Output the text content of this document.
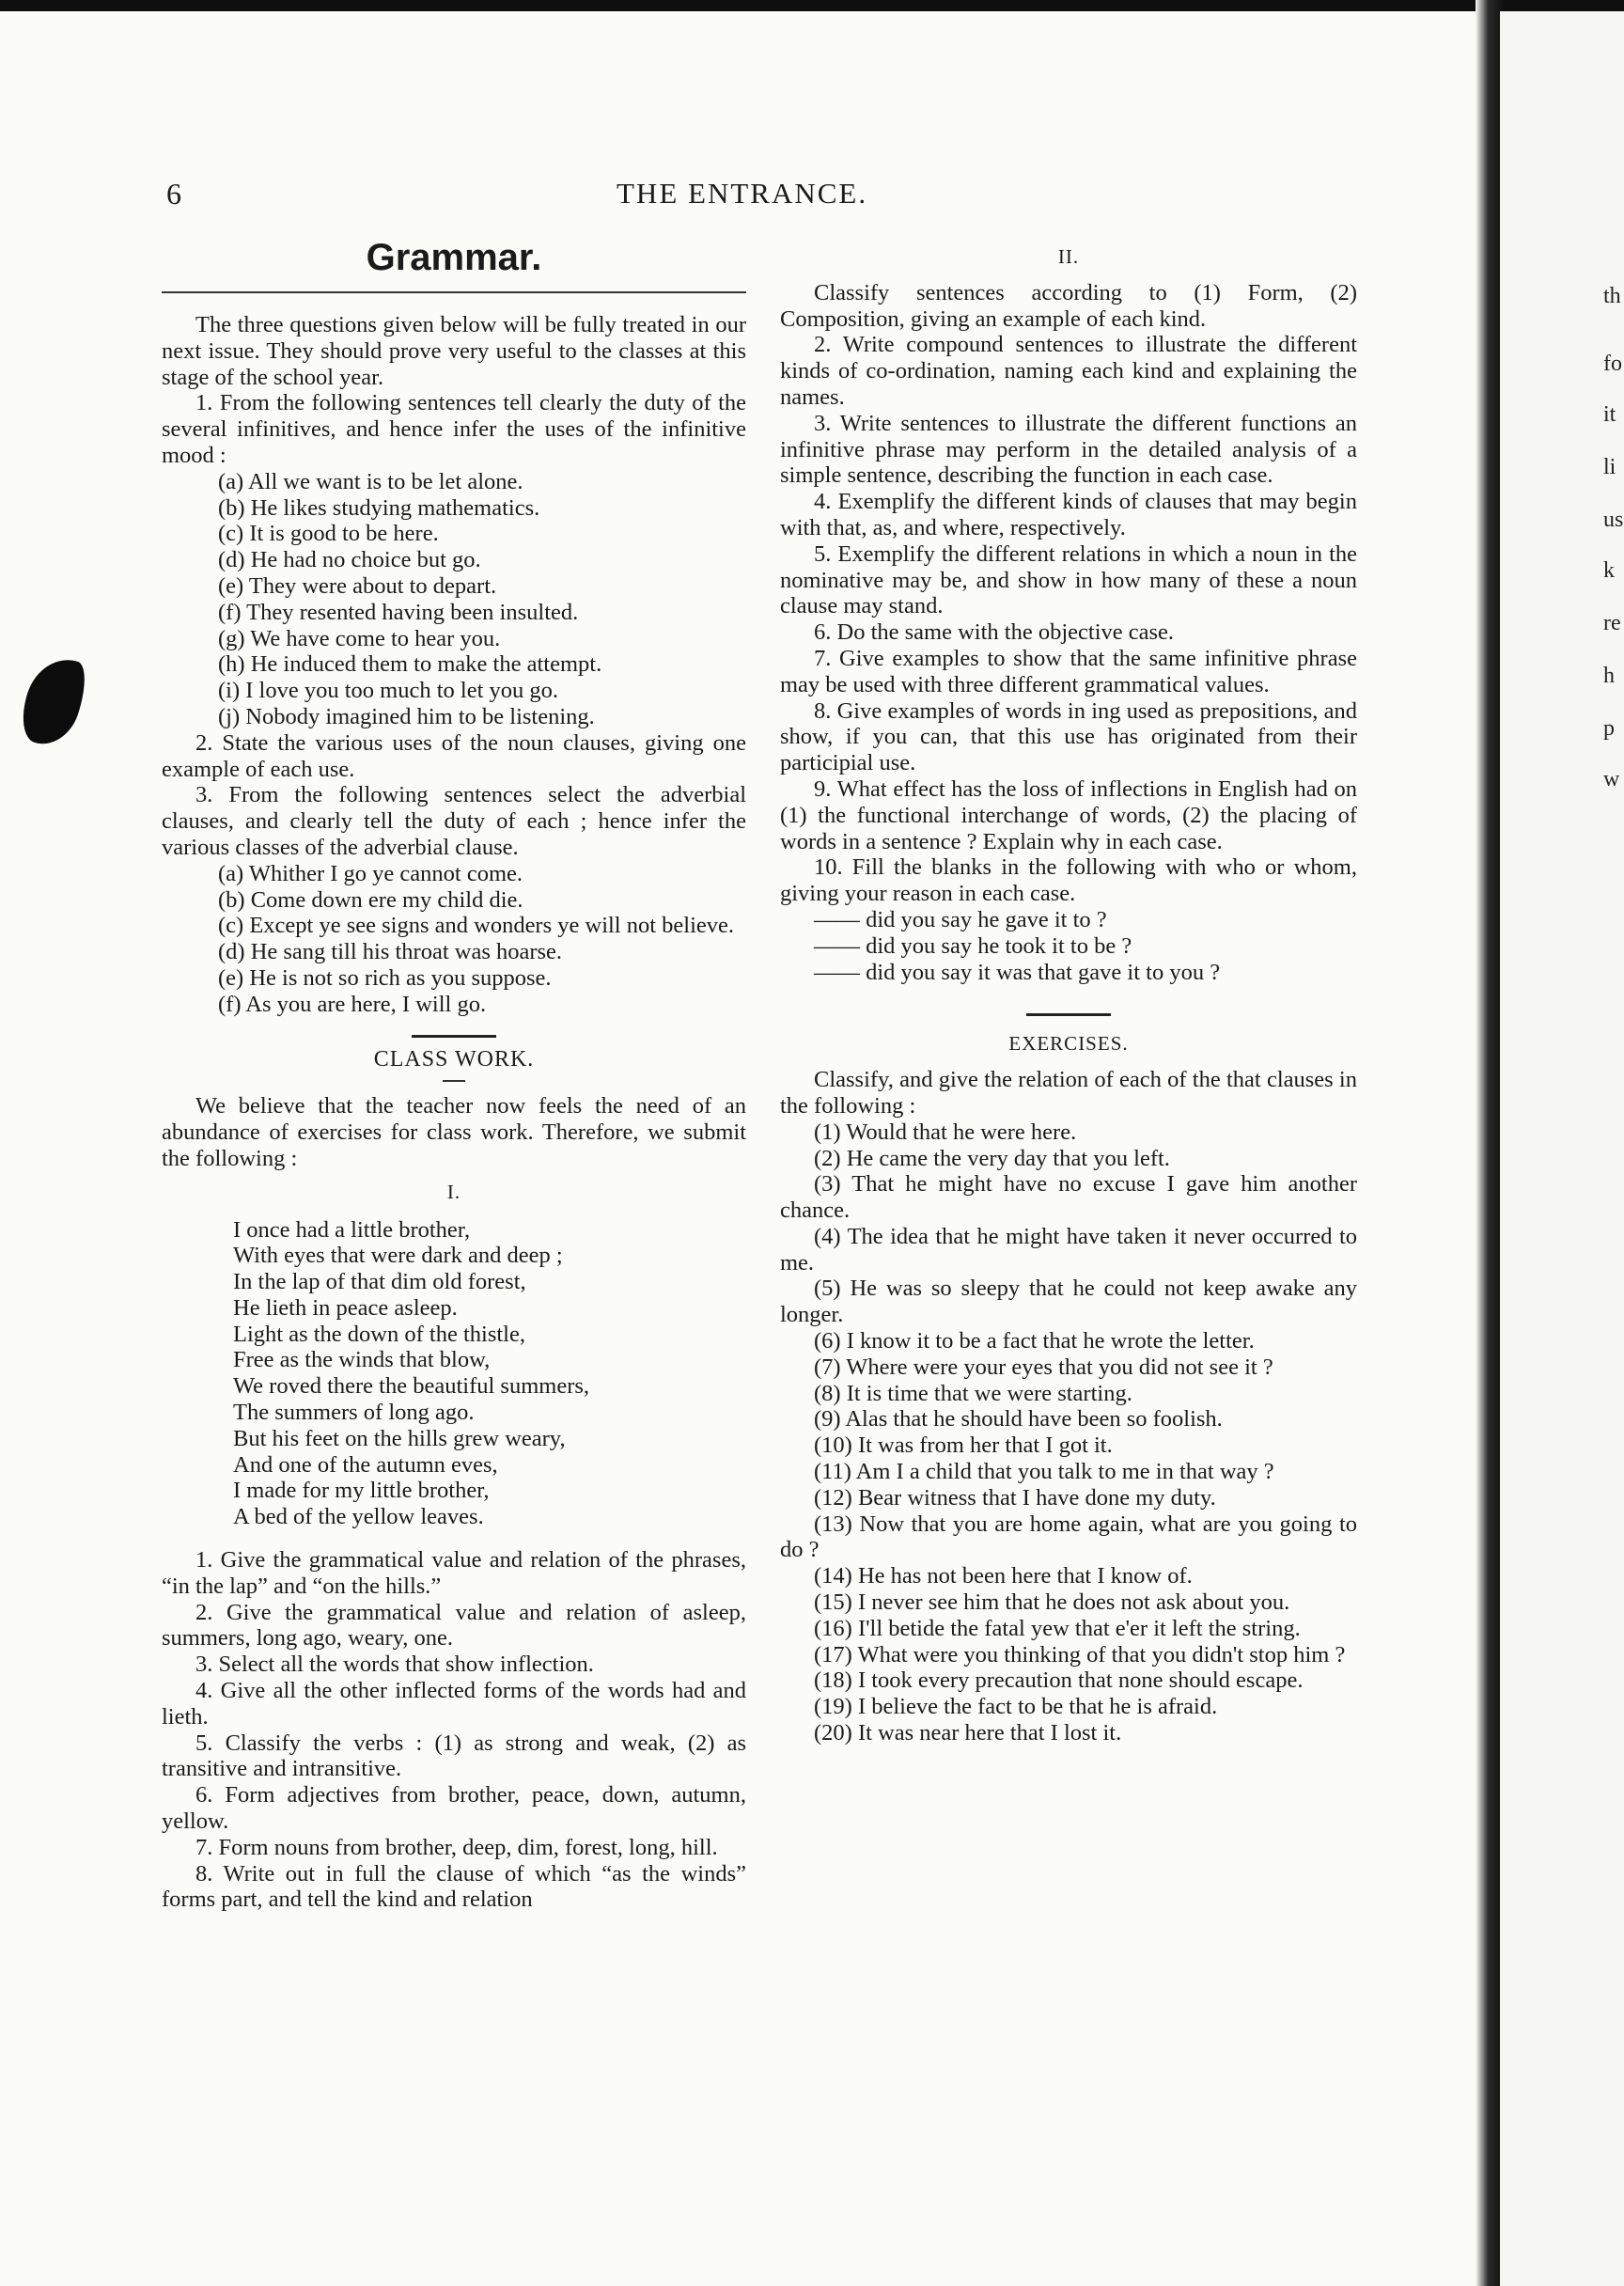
6	THE ENTRANCE.
Grammar.

The three questions given below will be fully treated in our next issue. They should prove very useful to the classes at this stage of the school year.

1. From the following sentences tell clearly the duty of the several infinitives, and hence infer the uses of the infinitive mood :

(a) All we want is to be let alone.

(b) He likes studying mathematics.

(c) It is good to be here.

(d) He had no choice but go.

(e) They were about to depart.

(f) They resented having been insulted.

(g) We have come to hear you.

(h) He induced them to make the attempt.

(i) I love you too much to let you go.

(j) Nobody imagined him to be listening.

2. State the various uses of the noun clauses, giving one example of each use.

3. From the following sentences select the adverbial clauses, and clearly tell the duty of each ; hence infer the various classes of the adverbial clause.

(a) Whither I go ye cannot come.

(b) Come down ere my child die.

(c) Except ye see signs and wonders ye will not believe.

(d) He sang till his throat was hoarse.

(e) He is not so rich as you suppose.

(f) As you are here, I will go.

CLASS WORK.

We believe that the teacher now feels the need of an abundance of exercises for class work. Therefore, we submit the following :

I.

I once had a little brother,

With eyes that were dark and deep ;

In the lap of that dim old forest,

He lieth in peace asleep.

Light as the down of the thistle,

Free as the winds that blow,

We roved there the beautiful summers,

The summers of long ago.

But his feet on the hills grew weary,

And one of the autumn eves,

I made for my little brother,

A bed of the yellow leaves.

1. Give the grammatical value and relation of the phrases, “in the lap” and “on the hills.”

2. Give the grammatical value and relation of asleep, summers, long ago, weary, one.

3. Select all the words that show inflection.

4. Give all the other inflected forms of the words had and lieth.

5. Classify the verbs : (1) as strong and weak, (2) as transitive and intransitive.

6. Form adjectives from brother, peace, down, autumn, yellow.

7. Form nouns from brother, deep, dim, forest, long, hill.

8. Write out in full the clause of which “as the winds” forms part, and tell the kind and relation

II.

Classify sentences according to (1) Form, (2) Composition, giving an example of each kind.

2. Write compound sentences to illustrate the different kinds of co-ordination, naming each kind and explaining the names.

3. Write sentences to illustrate the different functions an infinitive phrase may perform in the detailed analysis of a simple sentence, describing the function in each case.

4. Exemplify the different kinds of clauses that may begin with that, as, and where, respectively.

5. Exemplify the different relations in which a noun in the nominative may be, and show in how many of these a noun clause may stand.

6. Do the same with the objective case.

7. Give examples to show that the same infinitive phrase may be used with three different grammatical values.

8. Give examples of words in ing used as prepositions, and show, if you can, that this use has originated from their participial use.

9. What effect has the loss of inflections in English had on (1) the functional interchange of words, (2) the placing of words in a sentence ? Explain why in each case.

10. Fill the blanks in the following with who or whom, giving your reason in each case.

—— did you say he gave it to ?

—— did you say he took it to be ?

—— did you say it was that gave it to you ?

EXERCISES.

Classify, and give the relation of each of the that clauses in the following :

(1) Would that he were here.

(2) He came the very day that you left.

(3) That he might have no excuse I gave him another chance.

(4) The idea that he might have taken it never occurred to me.

(5) He was so sleepy that he could not keep awake any longer.

(6) I know it to be a fact that he wrote the letter.

(7) Where were your eyes that you did not see it ?

(8) It is time that we were starting.

(9) Alas that he should have been so foolish.

(10) It was from her that I got it.

(11) Am I a child that you talk to me in that way ?

(12) Bear witness that I have done my duty.

(13) Now that you are home again, what are you going to do ?

(14) He has not been here that I know of.

(15) I never see him that he does not ask about you.

(16) I'll betide the fatal yew that e'er it left the string.

(17) What were you thinking of that you didn't stop him ?

(18) I took every precaution that none should escape.

(19) I believe the fact to be that he is afraid.

(20) It was near here that I lost it.

th
fo
it
li
us
k
re
h
p
w
